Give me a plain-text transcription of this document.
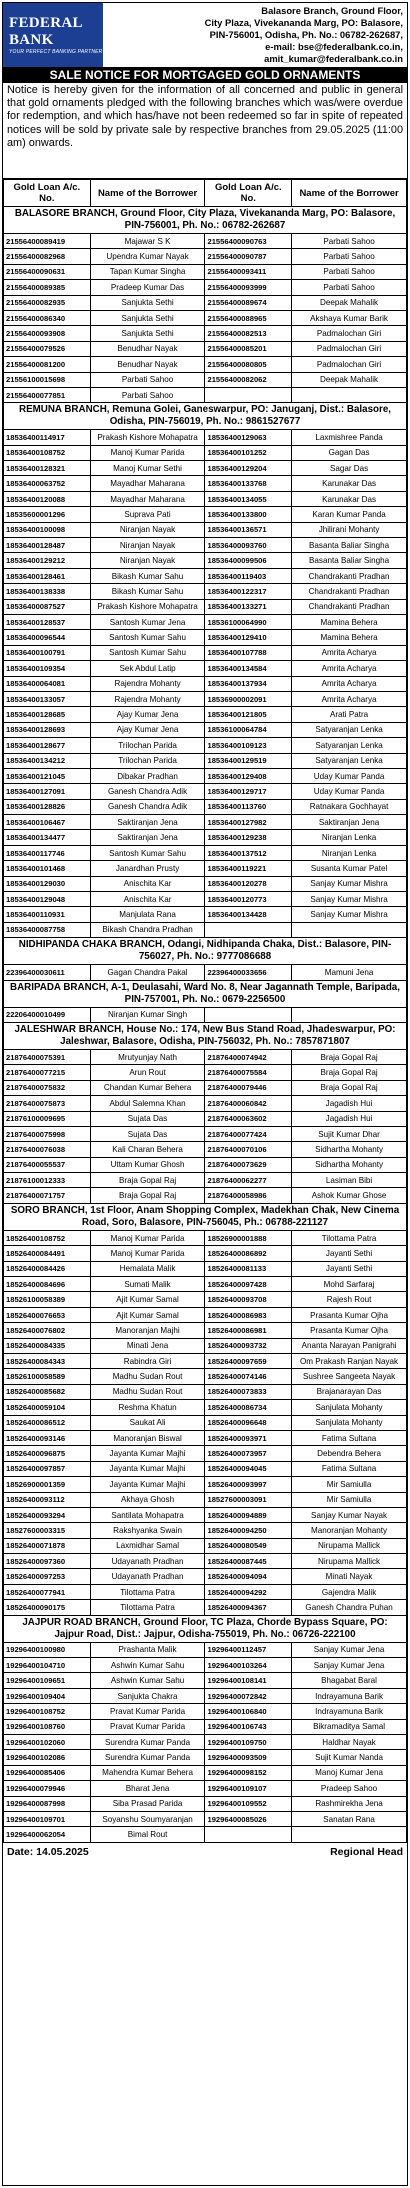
FEDERAL BANK
YOUR PERFECT BANKING PARTNER
Balasore Branch, Ground Floor,
City Plaza, Vivekananda Marg, PO: Balasore,
PIN-756001, Odisha, Ph. No.: 06782-262687,
e-mail: bse@federalbank.co.in,
amit_kumar@federalbank.co.in
SALE NOTICE FOR MORTGAGED GOLD ORNAMENTS
Notice is hereby given for the information of all concerned and public in general that gold ornaments pledged with the following branches which was/were overdue for redemption, and which has/have not been redeemed so far in spite of repeated notices will be sold by private sale by respective branches from 29.05.2025 (11:00 am) onwards.
Gold Loan A/c. No.	Name of the Borrower	Gold Loan A/c. No.	Name of the Borrower
BALASORE BRANCH, Ground Floor, City Plaza, Vivekananda Marg, PO: Balasore, PIN-756001, Ph. No.: 06782-262687			
21556400089419	Majawar S K	21556400090763	Parbati Sahoo
21556400082968	Upendra Kumar Nayak	21556400090787	Parbati Sahoo
21556400090631	Tapan Kumar Singha	21556400093411	Parbati Sahoo
21556400089385	Pradeep Kumar Das	21556400093999	Parbati Sahoo
21556400082935	Sanjukta Sethi	21556400089674	Deepak Mahalik
21556400086340	Sanjukta Sethi	21556400088965	Akshaya Kumar Barik
21556400093908	Sanjukta Sethi	21556400082513	Padmalochan Giri
21556400079526	Benudhar Nayak	21556400085201	Padmalochan Giri
21556400081200	Benudhar Nayak	21556400080805	Padmalochan Giri
21556100015698	Parbati Sahoo	21556400082062	Deepak Mahalik
21556400077851	Parbati Sahoo		
REMUNA BRANCH, Remuna Golei, Ganeswarpur, PO: Januganj, Dist.: Balasore, Odisha, PIN-756019, Ph. No.: 9861527677			
18536400114917	Prakash Kishore Mohapatra	18536400129063	Laxmishree Panda
18536400108752	Manoj Kumar Parida	18536400101252	Gagan Das
18536400128321	Manoj Kumar Sethi	18536400129204	Sagar Das
18536400063752	Mayadhar Maharana	18536400133768	Karunakar Das
18536400120088	Mayadhar Maharana	18536400134055	Karunakar Das
18535600001296	Suprava Pati	18536400133800	Karan Kumar Panda
18536400100098	Niranjan Nayak	18536400136571	Jhilirani Mohanty
18536400128487	Niranjan Nayak	18536400093760	Basanta Baliar Singha
18536400129212	Niranjan Nayak	18536400099506	Basanta Baliar Singha
18536400128461	Bikash Kumar Sahu	18536400119403	Chandrakanti Pradhan
18536400138338	Bikash Kumar Sahu	18536400122317	Chandrakanti Pradhan
18536400087527	Prakash Kishore Mohapatra	18536400133271	Chandrakanti Pradhan
18536400128537	Santosh Kumar Jena	18536100064990	Mamina Behera
18536400096544	Santosh Kumar Sahu	18536400129410	Mamina Behera
18536400100791	Santosh Kumar Sahu	18536400107788	Amrita Acharya
18536400109354	Sek Abdul Latip	18536400134584	Amrita Acharya
18536400064081	Rajendra Mohanty	18536400137934	Amrita Acharya
18536400133057	Rajendra Mohanty	18536900002091	Amrita Acharya
18536400128685	Ajay Kumar Jena	18536400121805	Arati Patra
18536400128693	Ajay Kumar Jena	18536100064784	Satyaranjan Lenka
18536400128677	Trilochan Parida	18536400109123	Satyaranjan Lenka
18536400134212	Trilochan Parida	18536400129519	Satyaranjan Lenka
18536400121045	Dibakar Pradhan	18536400129408	Uday Kumar Panda
18536400127091	Ganesh Chandra Adik	18536400129717	Uday Kumar Panda
18536400128826	Ganesh Chandra Adik	18536400113760	Ratnakara Gochhayat
18536400106467	Saktiranjan Jena	18536400127982	Saktiranjan Jena
18536400134477	Saktiranjan Jena	18536400129238	Niranjan Lenka
18536400117746	Santosh Kumar Sahu	18536400137512	Niranjan Lenka
18536400101468	Janardhan Prusty	18536400119221	Susanta Kumar Patel
18536400129030	Anischita Kar	18536400120278	Sanjay Kumar Mishra
18536400129048	Anischita Kar	18536400120773	Sanjay Kumar Mishra
18536400110931	Manjulata Rana	18536400134428	Sanjay Kumar Mishra
18536400087758	Bikash Chandra Pradhan		
NIDHIPANDA CHAKA BRANCH, Odangi, Nidhipanda Chaka, Dist.: Balasore, PIN-756027, Ph. No.: 9777086688			
22396400030611	Gagan Chandra Pakal	22396400033656	Mamuni Jena
BARIPADA BRANCH, A-1, Deulasahi, Ward No. 8, Near Jagannath Temple, Baripada, PIN-757001, Ph. No.: 0679-2256500			
22206400010499	Niranjan Kumar Singh		
JALESHWAR BRANCH, House No.: 174, New Bus Stand Road, Jhadeswarpur, PO: Jaleshwar, Balasore, Odisha, PIN-756032, Ph. No.: 7857871807			
21876400075391	Mrutyunjay Nath	21876400074942	Braja Gopal Raj
21876400077215	Arun Rout	21876400075584	Braja Gopal Raj
21876400075832	Chandan Kumar Behera	21876400079446	Braja Gopal Raj
21876400075873	Abdul Salemna Khan	21876400060842	Jagadish Hui
21876100009695	Sujata Das	21876400063602	Jagadish Hui
21876400075998	Sujata Das	21876400077424	Sujit Kumar Dhar
21876400076038	Kali Charan Behera	21876400070106	Sidhartha Mohanty
21876400055537	Uttam Kumar Ghosh	21876400073629	Sidhartha Mohanty
21876100012333	Braja Gopal Raj	21876400062277	Lasiman Bibi
21876400071757	Braja Gopal Raj	21876400058986	Ashok Kumar Ghose
SORO BRANCH, 1st Floor, Anam Shopping Complex, Madekhan Chak, New Cinema Road, Soro, Balasore, PIN-756045, Ph.: 06788-221127			
18526400108752	Manoj Kumar Parida	18526900001888	Tilottama Patra
18526400084491	Manoj Kumar Parida	18526400086892	Jayanti Sethi
18526400084426	Hemalata Malik	18526400081133	Jayanti Sethi
18526400084696	Sumati Malik	18526400097428	Mohd Sarfaraj
18526100058389	Ajit Kumar Samal	18526400093708	Rajesh Rout
18526400076653	Ajit Kumar Samal	18526400086983	Prasanta Kumar Ojha
18526400076802	Manoranjan Majhi	18526400086981	Prasanta Kumar Ojha
18526400084335	Minati Jena	18526400093732	Ananta Narayan Panigrahi
18526400084343	Rabindra Giri	18526400097659	Om Prakash Ranjan Nayak
18526100058589	Madhu Sudan Rout	18526400074146	Sushree Sangeeta Nayak
18526400085682	Madhu Sudan Rout	18526400073833	Brajanarayan Das
18526400059104	Reshma Khatun	18526400086734	Sanjulata Mohanty
18526400086512	Saukat Ali	18526400096648	Sanjulata Mohanty
18526400093146	Manoranjan Biswal	18526400093971	Fatima Sultana
18526400096875	Jayanta Kumar Majhi	18526400073957	Debendra Behera
18526400097857	Jayanta Kumar Majhi	18526400094045	Fatima Sultana
18526900001359	Jayanta Kumar Majhi	18526400093997	Mir Samiulla
18526400093112	Akhaya Ghosh	18527600003091	Mir Samiulla
18526400093294	Santilata Mohapatra	18526400094889	Sanjay Kumar Nayak
18527600003315	Rakshyanka Swain	18526400094250	Manoranjan Mohanty
18526400071878	Laxmidhar Samal	18526400080549	Nirupama Mallick
18526400097360	Udayanath Pradhan	18526400087445	Nirupama Mallick
18526400097253	Udayanath Pradhan	18526400094094	Minati Nayak
18526400077941	Tilottama Patra	18526400094292	Gajendra Malik
18526400090175	Tilottama Patra	18526400094367	Ganesh Chandra Puhan
JAJPUR ROAD BRANCH, Ground Floor, TC Plaza, Chorde Bypass Square, PO: Jajpur Road, Dist.: Jajpur, Odisha-755019, Ph. No.: 06726-222100			
19296400100980	Prashanta Malik	19296400112457	Sanjay Kumar Jena
19296400104710	Ashwin Kumar Sahu	19296400103264	Sanjay Kumar Jena
19296400109651	Ashwin Kumar Sahu	19296400108141	Bhagabat Baral
19296400109404	Sanjukta Chakra	19296400072842	Indrayamuna Barik
19296400108752	Pravat Kumar Parida	19296400106840	Indrayamuna Barik
19296400108760	Pravat Kumar Parida	19296400106743	Bikramaditya Samal
19296400102060	Surendra Kumar Panda	19296400109750	Haldhar Nayak
19296400102086	Surendra Kumar Panda	19296400093509	Sujit Kumar Nanda
19296400085406	Mahendra Kumar Behera	19296400098152	Manoj Kumar Jena
19296400079946	Bharat Jena	19296400109107	Pradeep Sahoo
19296400087998	Siba Prasad Parida	19296400109552	Rashmirekha Jena
19296400109701	Soyanshu Soumyaranjan	19296400085026	Sanatan Rana
19296400062054	Bimal Rout		
Date: 14.05.2025	Regional Head
